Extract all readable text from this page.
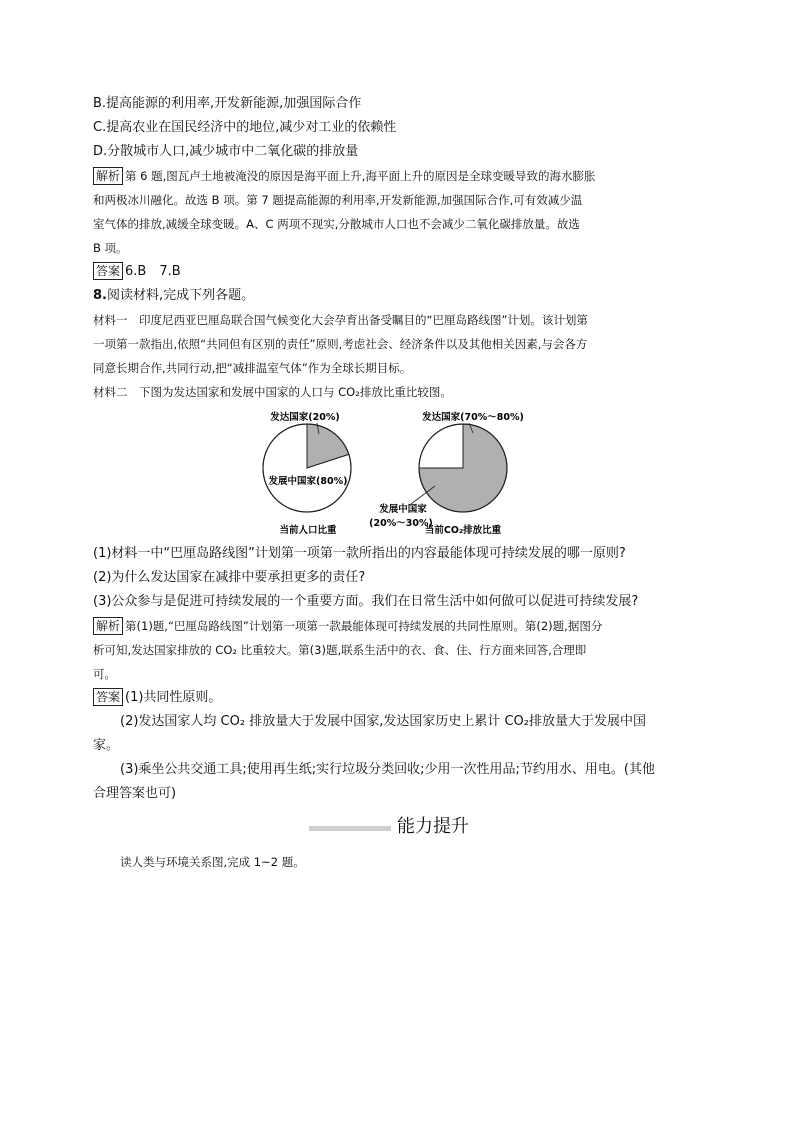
B.提高能源的利用率,开发新能源,加强国际合作

C.提高农业在国民经济中的地位,减少对工业的依赖性

D.分散城市人口,减少城市中二氧化碳的排放量

解析 第 6 题,图瓦卢土地被淹没的原因是海平面上升,海平面上升的原因是全球变暖导致的海水膨胀

和两极冰川融化。故选 B 项。第 7 题提高能源的利用率,开发新能源,加强国际合作,可有效减少温

室气体的排放,减缓全球变暖。A、C 两项不现实,分散城市人口也不会减少二氧化碳排放量。故选

B 项。

答案 6.B　7.B

8.阅读材料,完成下列各题。

材料一　印度尼西亚巴厘岛联合国气候变化大会孕育出备受瞩目的“巴厘岛路线图”计划。该计划第

一项第一款指出,依照“共同但有区别的责任”原则,考虑社会、经济条件以及其他相关因素,与会各方

同意长期合作,共同行动,把“减排温室气体”作为全球长期目标。

材料二　下图为发达国家和发展中国家的人口与 CO₂排放比重比较图。

发达国家(20%)
发展中国家(80%)
发达国家(70%～80%)
发展中国家
(20%～30%)
当前人口比重	当前CO₂排放比重

(1)材料一中“巴厘岛路线图”计划第一项第一款所指出的内容最能体现可持续发展的哪一原则?

(2)为什么发达国家在减排中要承担更多的责任?

(3)公众参与是促进可持续发展的一个重要方面。我们在日常生活中如何做可以促进可持续发展?

解析 第(1)题,“巴厘岛路线图”计划第一项第一款最能体现可持续发展的共同性原则。第(2)题,据图分

析可知,发达国家排放的 CO₂ 比重较大。第(3)题,联系生活中的衣、食、住、行方面来回答,合理即

可。

答案 (1)共同性原则。

(2)发达国家人均 CO₂ 排放量大于发展中国家,发达国家历史上累计 CO₂排放量大于发展中国

家。

(3)乘坐公共交通工具;使用再生纸;实行垃圾分类回收;少用一次性用品;节约用水、用电。(其他

合理答案也可)

能力提升

读人类与环境关系图,完成 1~2 题。
